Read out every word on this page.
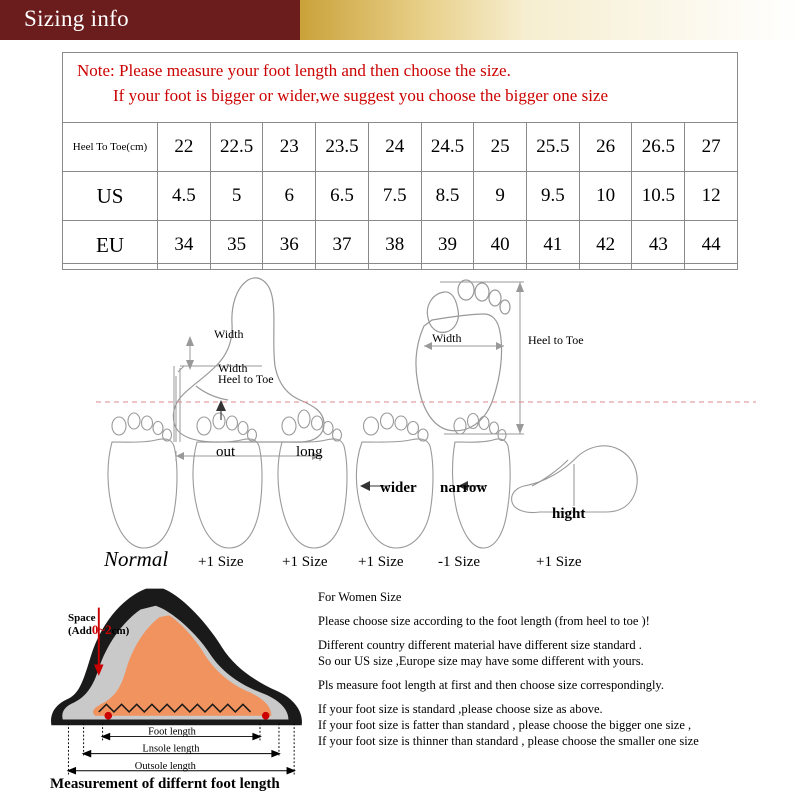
Sizing info
Note: Please measure your foot length and then choose the size.
If your foot is bigger or wider,we suggest you choose the bigger one size
Heel To Toe(cm)	22	22.5	23	23.5	24	24.5	25	25.5	26	26.5	27
US	4.5	5	6	6.5	7.5	8.5	9	9.5	10	10.5	12
EU	34	35	36	37	38	39	40	41	42	43	44
Width
Width
Heel to Toe
Width	Heel to Toe
out	long
wider narrow
hight
Normal +1 Size	+1 Size +1 Size -1 Size	+1 Size
Foot length
Lnsole length
Outsole length
Space
(Add0~2cm)
Measurement of differnt foot length

For Women Size

Please choose size according to the foot length (from heel to toe )!

Different country different material have different size standard .

So our US size ,Europe size may have some different with yours.

Pls measure foot length at first and then choose size correspondingly.

If your foot size is standard ,please choose size as above.

If your foot size is fatter than standard , please choose the bigger one size ,

If your foot size is thinner than standard , please choose the smaller one size
